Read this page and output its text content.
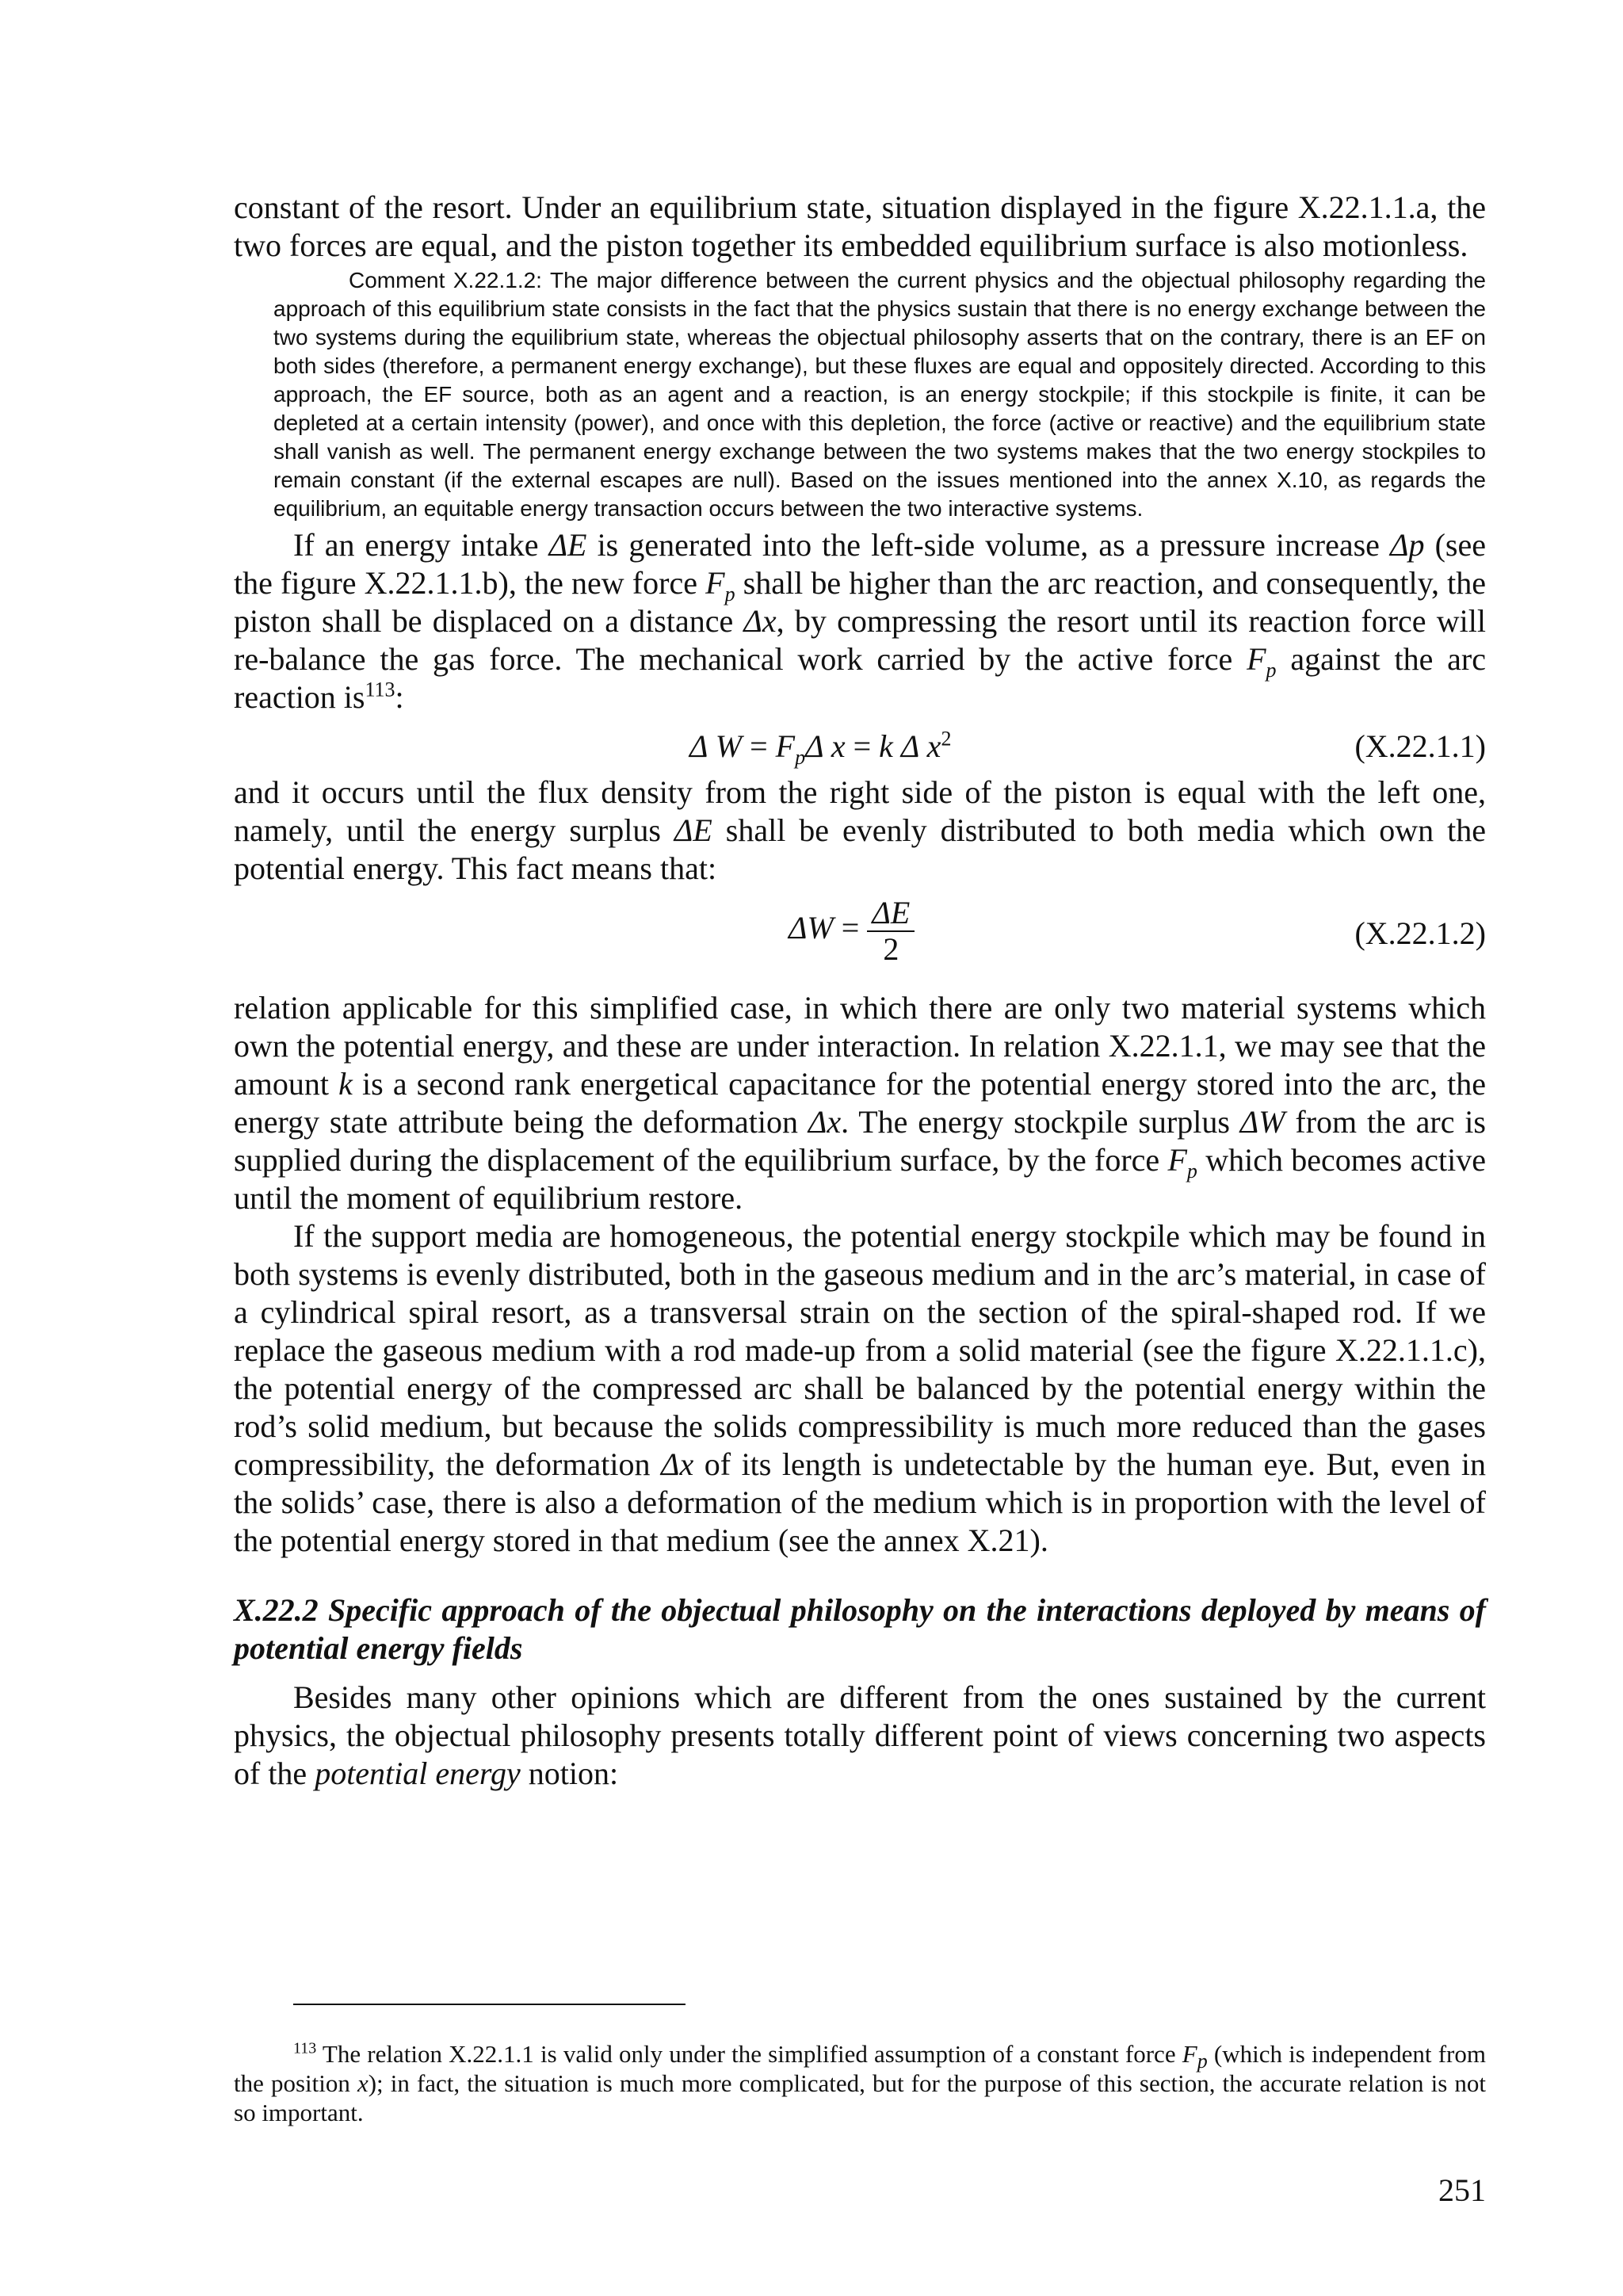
constant of the resort. Under an equilibrium state, situation displayed in the figure X.22.1.1.a, the two forces are equal, and the piston together its embedded equilibrium surface is also motionless.

Comment X.22.1.2: The major difference between the current physics and the objectual philosophy regarding the approach of this equilibrium state consists in the fact that the physics sustain that there is no energy exchange between the two systems during the equilibrium state, whereas the objectual philosophy asserts that on the contrary, there is an EF on both sides (therefore, a permanent energy exchange), but these fluxes are equal and oppositely directed. According to this approach, the EF source, both as an agent and a reaction, is an energy stockpile; if this stockpile is finite, it can be depleted at a certain intensity (power), and once with this depletion, the force (active or reactive) and the equilibrium state shall vanish as well. The permanent energy exchange between the two systems makes that the two energy stockpiles to remain constant (if the external escapes are null). Based on the issues mentioned into the annex X.10, as regards the equilibrium, an equitable energy transaction occurs between the two interactive systems.

If an energy intake ΔE is generated into the left-side volume, as a pressure increase Δp (see the figure X.22.1.1.b), the new force $F_p$ shall be higher than the arc reaction, and consequently, the piston shall be displaced on a distance Δx, by compressing the resort until its reaction force will re-balance the gas force. The mechanical work carried by the active force $F_p$ against the arc reaction $is^{113}$:

Δ $W = F_p\Delta$ x = k Δ $x^2$	(X.22.1.1)

and it occurs until the flux density from the right side of the piston is equal with the left one, namely, until the energy surplus ΔE shall be evenly distributed to both media which own the potential energy. This fact means that:

$\Delta W = \frac{\Delta E}{2}$	(X.22.1.2)

relation applicable for this simplified case, in which there are only two material systems which own the potential energy, and these are under interaction. In relation X.22.1.1, we may see that the amount k is a second rank energetical capacitance for the potential energy stored into the arc, the energy state attribute being the deformation Δx. The energy stockpile surplus ΔW from the arc is supplied during the displacement of the equilibrium surface, by the force $F_p$ which becomes active until the moment of equilibrium restore.

If the support media are homogeneous, the potential energy stockpile which may be found in both systems is evenly distributed, both in the gaseous medium and in the arc’s material, in case of a cylindrical spiral resort, as a transversal strain on the section of the spiral-shaped rod. If we replace the gaseous medium with a rod made-up from a solid material (see the figure X.22.1.1.c), the potential energy of the compressed arc shall be balanced by the potential energy within the rod’s solid medium, but because the solids compressibility is much more reduced than the gases compressibility, the deformation Δx of its length is undetectable by the human eye. But, even in the solids’ case, there is also a deformation of the medium which is in proportion with the level of the potential energy stored in that medium (see the annex X.21).

X.22.2 Specific approach of the objectual philosophy on the interactions deployed by means of potential energy fields

Besides many other opinions which are different from the ones sustained by the current physics, the objectual philosophy presents totally different point of views concerning two aspects of the potential energy notion:

$^{113}$ The relation X.22.1.1 is valid only under the simplified assumption of a constant force $F_p$ (which is independent from the position x); in fact, the situation is much more complicated, but for the purpose of this section, the accurate relation is not so important.

251
